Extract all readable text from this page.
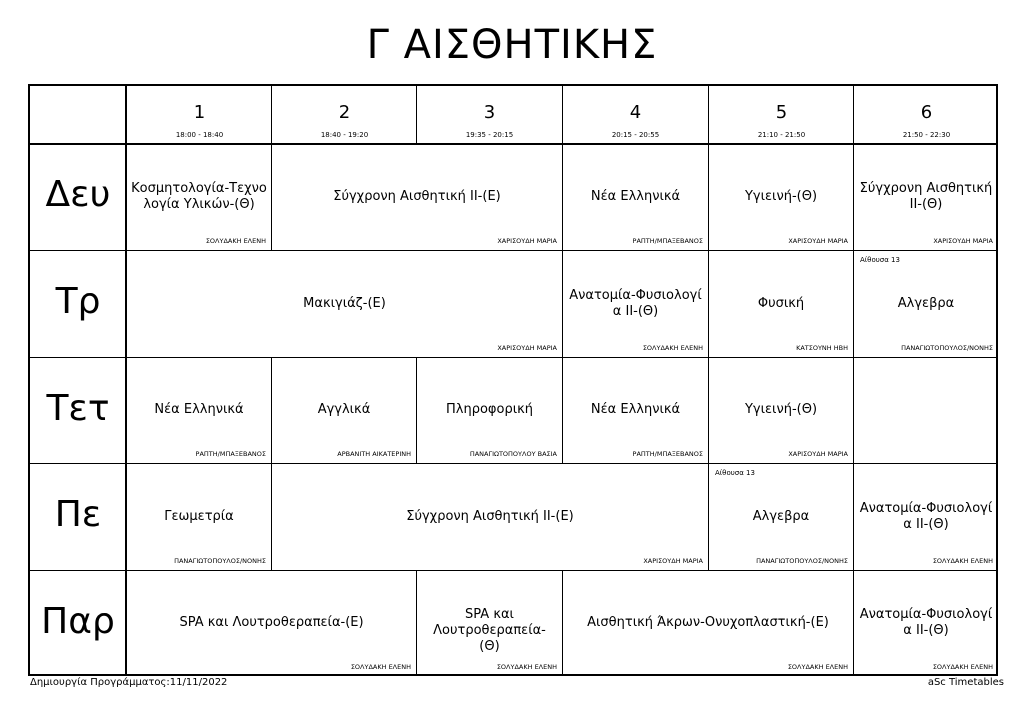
Γ ΑΙΣΘΗΤΙΚΗΣ
1
18:00 - 18:40
2
18:40 - 19:20
3
19:35 - 20:15
4
20:15 - 20:55
5
21:10 - 21:50
6
21:50 - 22:30
Δευ
Τρ
Τετ
Πε
Παρ
Κοσμητολογία-Τεχνο λογία Υλικών-(Θ)
ΣΟΛΥΔΑΚΗ ΕΛΕΝΗ
Σύγχρονη Αισθητική ΙΙ-(Ε)
ΧΑΡΙΣΟΥΔΗ ΜΑΡΙΑ
Νέα Ελληνικά
ΡΑΠΤΗ/ΜΠΑΞΕΒΑΝΟΣ
Υγιεινή-(Θ)
ΧΑΡΙΣΟΥΔΗ ΜΑΡΙΑ
Σύγχρονη Αισθητική ΙΙ-(Θ)
ΧΑΡΙΣΟΥΔΗ ΜΑΡΙΑ
Μακιγιάζ-(Ε)
ΧΑΡΙΣΟΥΔΗ ΜΑΡΙΑ
Ανατομία-Φυσιολογί α ΙΙ-(Θ)
ΣΟΛΥΔΑΚΗ ΕΛΕΝΗ
Φυσική
ΚΑΤΣΟΥΝΗ ΗΒΗ
Αίθουσα 13
Αλγεβρα
ΠΑΝΑΓΙΩΤΟΠΟΥΛΟΣ/ΝΟΝΗΣ
Νέα Ελληνικά
ΡΑΠΤΗ/ΜΠΑΞΕΒΑΝΟΣ
Αγγλικά
ΑΡΒΑΝΙΤΗ ΑΙΚΑΤΕΡΙΝΗ
Πληροφορική
ΠΑΝΑΓΙΩΤΟΠΟΥΛΟΥ ΒΑΣΙΑ
Νέα Ελληνικά
ΡΑΠΤΗ/ΜΠΑΞΕΒΑΝΟΣ
Υγιεινή-(Θ)
ΧΑΡΙΣΟΥΔΗ ΜΑΡΙΑ
Γεωμετρία
ΠΑΝΑΓΙΩΤΟΠΟΥΛΟΣ/ΝΟΝΗΣ
Σύγχρονη Αισθητική ΙΙ-(Ε)
ΧΑΡΙΣΟΥΔΗ ΜΑΡΙΑ
Αίθουσα 13
Αλγεβρα
ΠΑΝΑΓΙΩΤΟΠΟΥΛΟΣ/ΝΟΝΗΣ
Ανατομία-Φυσιολογί α ΙΙ-(Θ)
ΣΟΛΥΔΑΚΗ ΕΛΕΝΗ
SPA και Λουτροθεραπεία-(Ε)
ΣΟΛΥΔΑΚΗ ΕΛΕΝΗ
SPA και Λουτροθεραπεία-(Θ)
ΣΟΛΥΔΑΚΗ ΕΛΕΝΗ
Αισθητική Άκρων-Ονυχοπλαστική-(Ε)
ΣΟΛΥΔΑΚΗ ΕΛΕΝΗ
Ανατομία-Φυσιολογί α ΙΙ-(Θ)
ΣΟΛΥΔΑΚΗ ΕΛΕΝΗ
Δημιουργία Προγράμματος:11/11/2022	aSc Timetables
